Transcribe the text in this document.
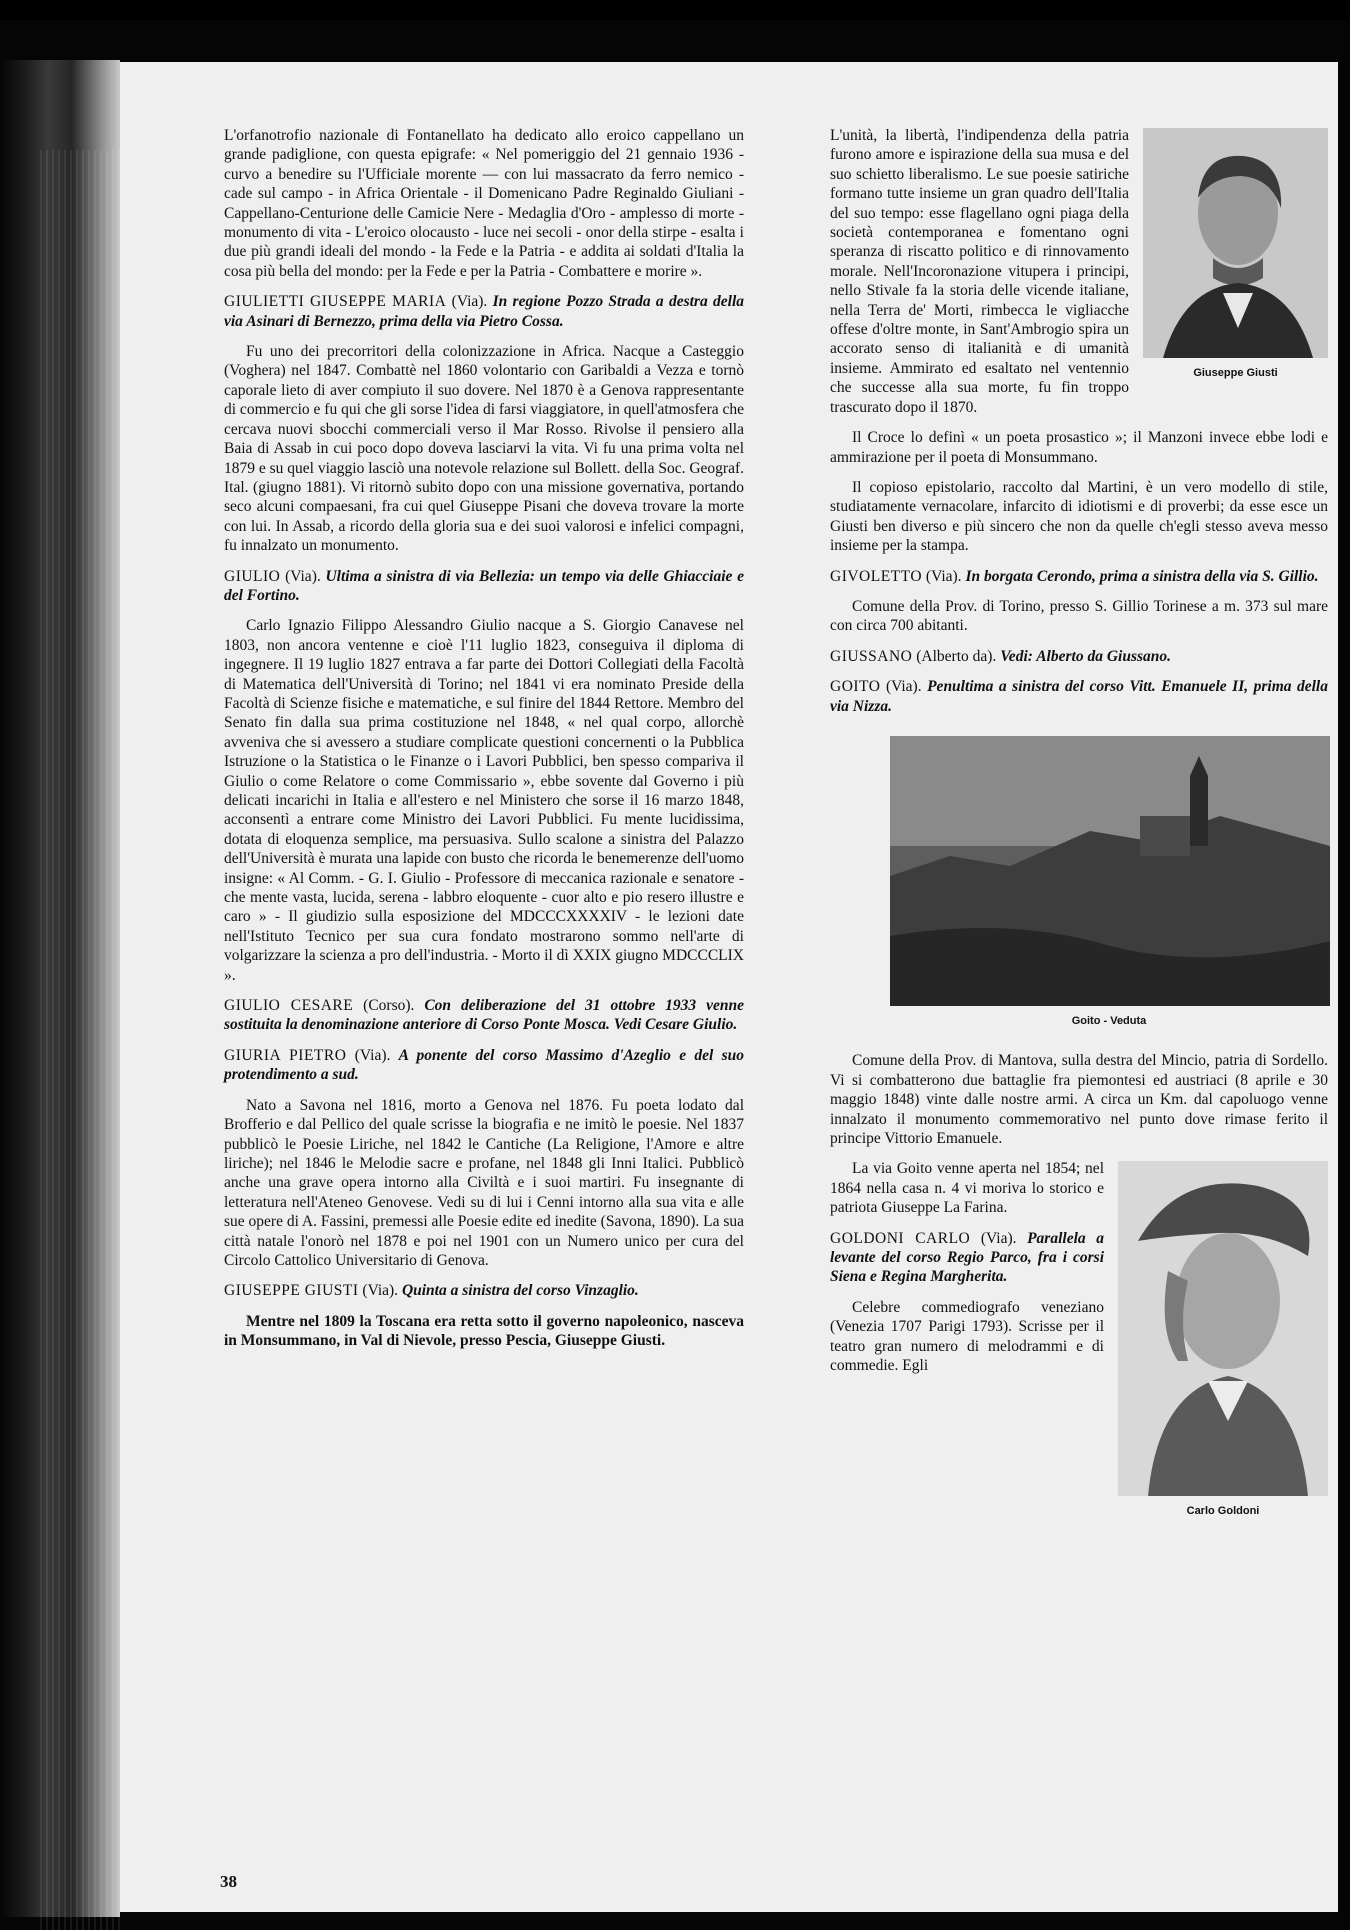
L'orfanotrofio nazionale di Fontanellato ha dedicato allo eroico cappellano un grande padiglione, con questa epigrafe: « Nel pomeriggio del 21 gennaio 1936 - curvo a benedire su l'Ufficiale morente — con lui massacrato da ferro nemico - cade sul campo - in Africa Orientale - il Domenicano Padre Reginaldo Giuliani - Cappellano-Centurione delle Camicie Nere - Medaglia d'Oro - amplesso di morte - monumento di vita - L'eroico olocausto - luce nei secoli - onor della stirpe - esalta i due più grandi ideali del mondo - la Fede e la Patria - e addita ai soldati d'Italia la cosa più bella del mondo: per la Fede e per la Patria - Combattere e morire ».

GIULIETTI GIUSEPPE MARIA (Via). In regione Pozzo Strada a destra della via Asinari di Bernezzo, prima della via Pietro Cossa.

Fu uno dei precorritori della colonizzazione in Africa. Nacque a Casteggio (Voghera) nel 1847. Combattè nel 1860 volontario con Garibaldi a Vezza e tornò caporale lieto di aver compiuto il suo dovere. Nel 1870 è a Genova rappresentante di commercio e fu qui che gli sorse l'idea di farsi viaggiatore, in quell'atmosfera che cercava nuovi sbocchi commerciali verso il Mar Rosso. Rivolse il pensiero alla Baia di Assab in cui poco dopo doveva lasciarvi la vita. Vi fu una prima volta nel 1879 e su quel viaggio lasciò una notevole relazione sul Bollett. della Soc. Geograf. Ital. (giugno 1881). Vi ritornò subito dopo con una missione governativa, portando seco alcuni compaesani, fra cui quel Giuseppe Pisani che doveva trovare la morte con lui. In Assab, a ricordo della gloria sua e dei suoi valorosi e infelici compagni, fu innalzato un monumento.

GIULIO (Via). Ultima a sinistra di via Bellezia: un tempo via delle Ghiacciaie e del Fortino.

Carlo Ignazio Filippo Alessandro Giulio nacque a S. Giorgio Canavese nel 1803, non ancora ventenne e cioè l'11 luglio 1823, conseguiva il diploma di ingegnere. Il 19 luglio 1827 entrava a far parte dei Dottori Collegiati della Facoltà di Matematica dell'Università di Torino; nel 1841 vi era nominato Preside della Facoltà di Scienze fisiche e matematiche, e sul finire del 1844 Rettore. Membro del Senato fin dalla sua prima costituzione nel 1848, « nel qual corpo, allorchè avveniva che si avessero a studiare complicate questioni concernenti o la Pubblica Istruzione o la Statistica o le Finanze o i Lavori Pubblici, ben spesso compariva il Giulio o come Relatore o come Commissario », ebbe sovente dal Governo i più delicati incarichi in Italia e all'estero e nel Ministero che sorse il 16 marzo 1848, acconsentì a entrare come Ministro dei Lavori Pubblici. Fu mente lucidissima, dotata di eloquenza semplice, ma persuasiva. Sullo scalone a sinistra del Palazzo dell'Università è murata una lapide con busto che ricorda le benemerenze dell'uomo insigne: « Al Comm. - G. I. Giulio - Professore di meccanica razionale e senatore - che mente vasta, lucida, serena - labbro eloquente - cuor alto e pio resero illustre e caro » - Il giudizio sulla esposizione del MDCCCXXXXIV - le lezioni date nell'Istituto Tecnico per sua cura fondato mostrarono sommo nell'arte di volgarizzare la scienza a pro dell'industria. - Morto il dì XXIX giugno MDCCCLIX ».

GIULIO CESARE (Corso). Con deliberazione del 31 ottobre 1933 venne sostituita la denominazione anteriore di Corso Ponte Mosca. Vedi Cesare Giulio.

GIURIA PIETRO (Via). A ponente del corso Massimo d'Azeglio e del suo protendimento a sud.

Nato a Savona nel 1816, morto a Genova nel 1876. Fu poeta lodato dal Brofferio e dal Pellico del quale scrisse la biografia e ne imitò le poesie. Nel 1837 pubblicò le Poesie Liriche, nel 1842 le Cantiche (La Religione, l'Amore e altre liriche); nel 1846 le Melodie sacre e profane, nel 1848 gli Inni Italici. Pubblicò anche una grave opera intorno alla Civiltà e i suoi martiri. Fu insegnante di letteratura nell'Ateneo Genovese. Vedi su di lui i Cenni intorno alla sua vita e alle sue opere di A. Fassini, premessi alle Poesie edite ed inedite (Savona, 1890). La sua città natale l'onorò nel 1878 e poi nel 1901 con un Numero unico per cura del Circolo Cattolico Universitario di Genova.

GIUSEPPE GIUSTI (Via). Quinta a sinistra del corso Vinzaglio.

Mentre nel 1809 la Toscana era retta sotto il governo napoleonico, nasceva in Monsummano, in Val di Nievole, presso Pescia, Giuseppe Giusti.

Giuseppe Giusti

L'unità, la libertà, l'indipendenza della patria furono amore e ispirazione della sua musa e del suo schietto liberalismo. Le sue poesie satiriche formano tutte insieme un gran quadro dell'Italia del suo tempo: esse flagellano ogni piaga della società contemporanea e fomentano ogni speranza di riscatto politico e di rinnovamento morale. Nell'Incoronazione vitupera i principi, nello Stivale fa la storia delle vicende italiane, nella Terra de' Morti, rimbecca le vigliacche offese d'oltre monte, in Sant'Ambrogio spira un accorato senso di italianità e di umanità insieme. Ammirato ed esaltato nel ventennio che successe alla sua morte, fu fin troppo trascurato dopo il 1870.

Il Croce lo definì « un poeta prosastico »; il Manzoni invece ebbe lodi e ammirazione per il poeta di Monsummano.

Il copioso epistolario, raccolto dal Martini, è un vero modello di stile, studiatamente vernacolare, infarcito di idiotismi e di proverbi; da esse esce un Giusti ben diverso e più sincero che non da quelle ch'egli stesso aveva messo insieme per la stampa.

GIVOLETTO (Via). In borgata Cerondo, prima a sinistra della via S. Gillio.

Comune della Prov. di Torino, presso S. Gillio Torinese a m. 373 sul mare con circa 700 abitanti.

GIUSSANO (Alberto da). Vedi: Alberto da Giussano.

GOITO (Via). Penultima a sinistra del corso Vitt. Emanuele II, prima della via Nizza.

Goito - Veduta

Comune della Prov. di Mantova, sulla destra del Mincio, patria di Sordello. Vi si combatterono due battaglie fra piemontesi ed austriaci (8 aprile e 30 maggio 1848) vinte dalle nostre armi. A circa un Km. dal capoluogo venne innalzato il monumento commemorativo nel punto dove rimase ferito il principe Vittorio Emanuele.

Carlo Goldoni

La via Goito venne aperta nel 1854; nel 1864 nella casa n. 4 vi moriva lo storico e patriota Giuseppe La Farina.

GOLDONI CARLO (Via). Parallela a levante del corso Regio Parco, fra i corsi Siena e Regina Margherita.

Celebre commediografo veneziano (Venezia 1707 Parigi 1793). Scrisse per il teatro gran numero di melodrammi e di commedie. Egli

38
